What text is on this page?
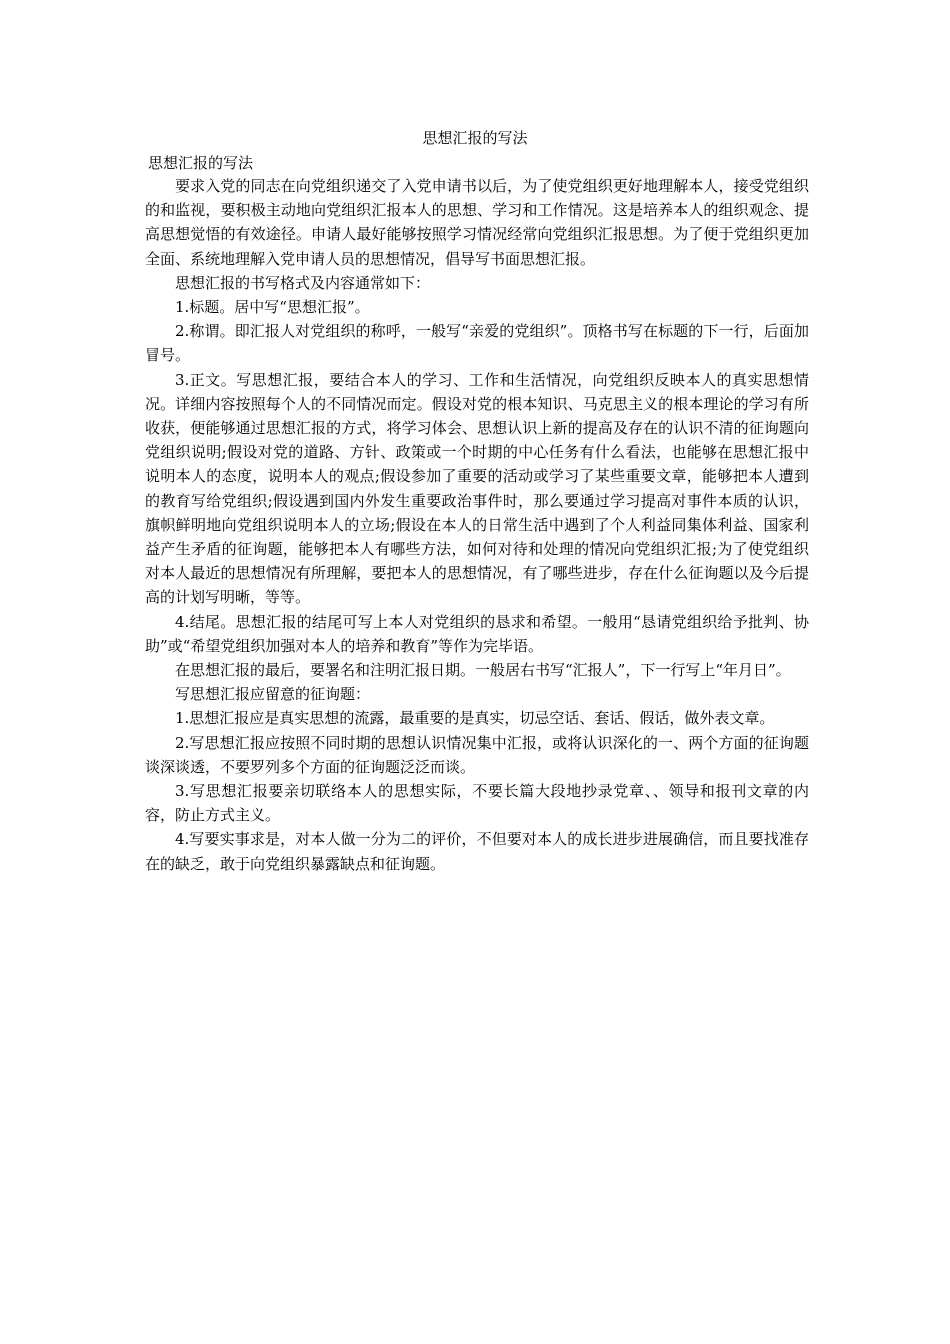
思想汇报的写法
思想汇报的写法

要求入党的同志在向党组织递交了入党申请书以后，为了使党组织更好地理解本人，接受党组织的和监视，要积极主动地向党组织汇报本人的思想、学习和工作情况。这是培养本人的组织观念、提高思想觉悟的有效途径。申请人最好能够按照学习情况经常向党组织汇报思想。为了便于党组织更加全面、系统地理解入党申请人员的思想情况，倡导写书面思想汇报。

思想汇报的书写格式及内容通常如下：

1.标题。居中写“思想汇报”。

2.称谓。即汇报人对党组织的称呼，一般写“亲爱的党组织”。顶格书写在标题的下一行，后面加冒号。

3.正文。写思想汇报，要结合本人的学习、工作和生活情况，向党组织反映本人的真实思想情况。详细内容按照每个人的不同情况而定。假设对党的根本知识、马克思主义的根本理论的学习有所收获，便能够通过思想汇报的方式，将学习体会、思想认识上新的提高及存在的认识不清的征询题向党组织说明;假设对党的道路、方针、政策或一个时期的中心任务有什么看法，也能够在思想汇报中说明本人的态度，说明本人的观点;假设参加了重要的活动或学习了某些重要文章，能够把本人遭到的教育写给党组织;假设遇到国内外发生重要政治事件时，那么要通过学习提高对事件本质的认识，旗帜鲜明地向党组织说明本人的立场;假设在本人的日常生活中遇到了个人利益同集体利益、国家利益产生矛盾的征询题，能够把本人有哪些方法，如何对待和处理的情况向党组织汇报;为了使党组织对本人最近的思想情况有所理解，要把本人的思想情况，有了哪些进步，存在什么征询题以及今后提高的计划写明晰，等等。

4.结尾。思想汇报的结尾可写上本人对党组织的恳求和希望。一般用“恳请党组织给予批判、协助”或“希望党组织加强对本人的培养和教育”等作为完毕语。

在思想汇报的最后，要署名和注明汇报日期。一般居右书写“汇报人”，下一行写上“年月日”。

写思想汇报应留意的征询题：

1.思想汇报应是真实思想的流露，最重要的是真实，切忌空话、套话、假话，做外表文章。

2.写思想汇报应按照不同时期的思想认识情况集中汇报，或将认识深化的一、两个方面的征询题谈深谈透，不要罗列多个方面的征询题泛泛而谈。

3.写思想汇报要亲切联络本人的思想实际，不要长篇大段地抄录党章、、领导和报刊文章的内容，防止方式主义。

4.写要实事求是，对本人做一分为二的评价，不但要对本人的成长进步进展确信，而且要找准存在的缺乏，敢于向党组织暴露缺点和征询题。
